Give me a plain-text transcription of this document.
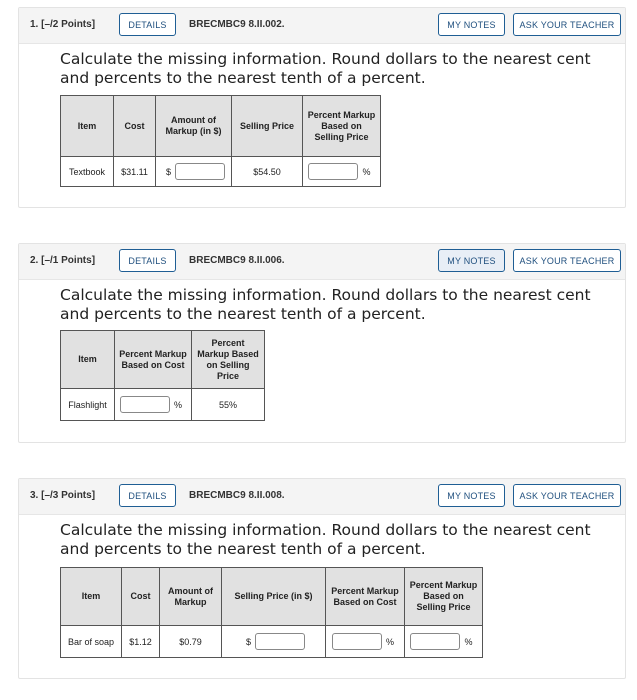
1. [–/2 Points]	DETAILS	BRECMBC9 8.II.002.	MY NOTES	ASK YOUR TEACHER
Calculate the missing information. Round dollars to the nearest cent and percents to the nearest tenth of a percent.
Item	Cost	Amount of Markup (in $)	Selling Price	Percent Markup Based on Selling Price
Textbook	$31.11	$	$54.50	%
2. [–/1 Points]	DETAILS	BRECMBC9 8.II.006.	MY NOTES	ASK YOUR TEACHER
Calculate the missing information. Round dollars to the nearest cent and percents to the nearest tenth of a percent.
Item	Percent Markup Based on Cost	Percent Markup Based on Selling Price
Flashlight	%	55%
3. [–/3 Points]	DETAILS	BRECMBC9 8.II.008.	MY NOTES	ASK YOUR TEACHER
Calculate the missing information. Round dollars to the nearest cent and percents to the nearest tenth of a percent.
Item	Cost	Amount of Markup	Selling Price (in $)	Percent Markup Based on Cost	Percent Markup Based on Selling Price
Bar of soap	$1.12	$0.79	$	%	%
